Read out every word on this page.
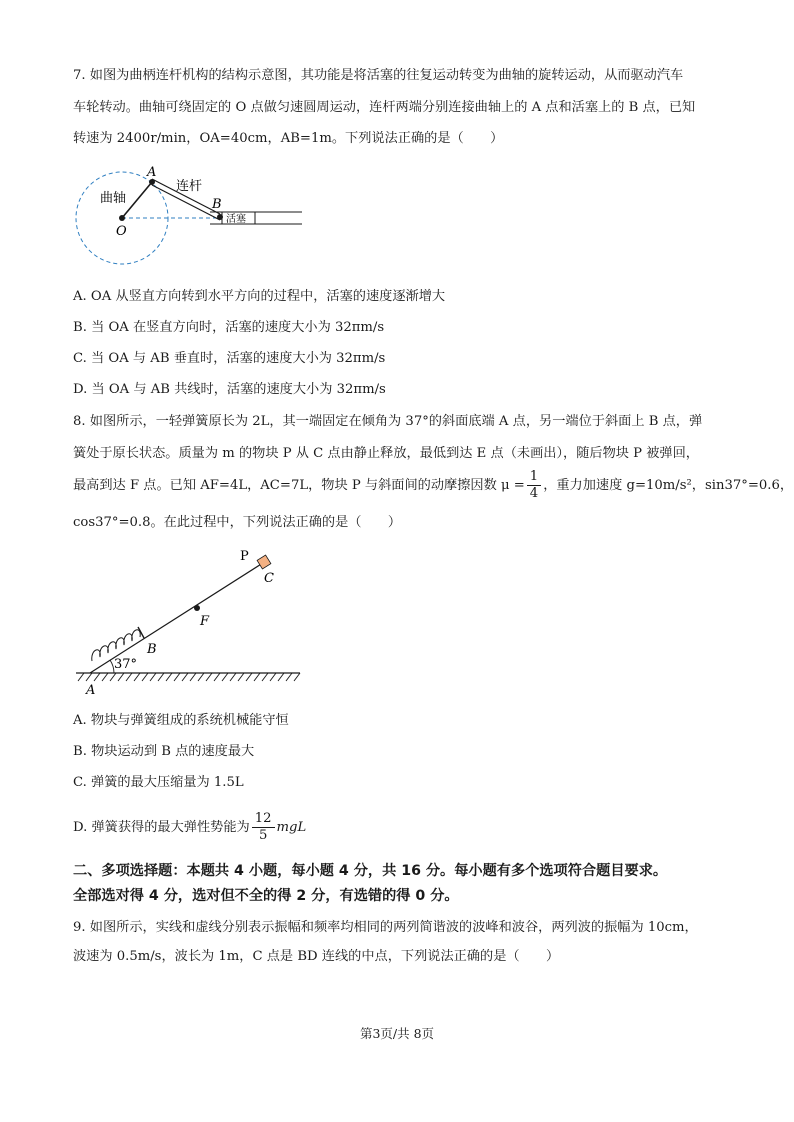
7. 如图为曲柄连杆机构的结构示意图，其功能是将活塞的往复运动转变为曲轴的旋转运动，从而驱动汽车
车轮转动。曲轴可绕固定的 O 点做匀速圆周运动，连杆两端分别连接曲轴上的 A 点和活塞上的 B 点，已知
转速为 2400r/min，OA=40cm，AB=1m。下列说法正确的是（　　）
A
B
O
曲轴
连杆
活塞
A. OA 从竖直方向转到水平方向的过程中，活塞的速度逐渐增大
B. 当 OA 在竖直方向时，活塞的速度大小为 32πm/s
C. 当 OA 与 AB 垂直时，活塞的速度大小为 32πm/s
D. 当 OA 与 AB 共线时，活塞的速度大小为 32πm/s
8. 如图所示，一轻弹簧原长为 2L，其一端固定在倾角为 37°的斜面底端 A 点，另一端位于斜面上 B 点，弹
簧处于原长状态。质量为 m 的物块 P 从 C 点由静止释放，最低到达 E 点（未画出），随后物块 P 被弹回，
最高到达 F 点。已知 AF=4L，AC=7L，物块 P 与斜面间的动摩擦因数 $\mu = \frac{1}{4}$ ，重力加速度 g=10m/s²，sin37°=0.6，
cos37°=0.8。在此过程中，下列说法正确的是（　　）
P
C
F
B
37°
A
A. 物块与弹簧组成的系统机械能守恒
B. 物块运动到 B 点的速度最大
C. 弹簧的最大压缩量为 1.5L
D. 弹簧获得的最大弹性势能为 $\frac{12}{5}$ mgL
二、多项选择题：本题共 4 小题，每小题 4 分，共 16 分。每小题有多个选项符合题目要求。
全部选对得 4 分，选对但不全的得 2 分，有选错的得 0 分。
9. 如图所示，实线和虚线分别表示振幅和频率均相同的两列简谐波的波峰和波谷，两列波的振幅为 10cm，
波速为 0.5m/s，波长为 1m，C 点是 BD 连线的中点，下列说法正确的是（　　）
第3页/共 8页
